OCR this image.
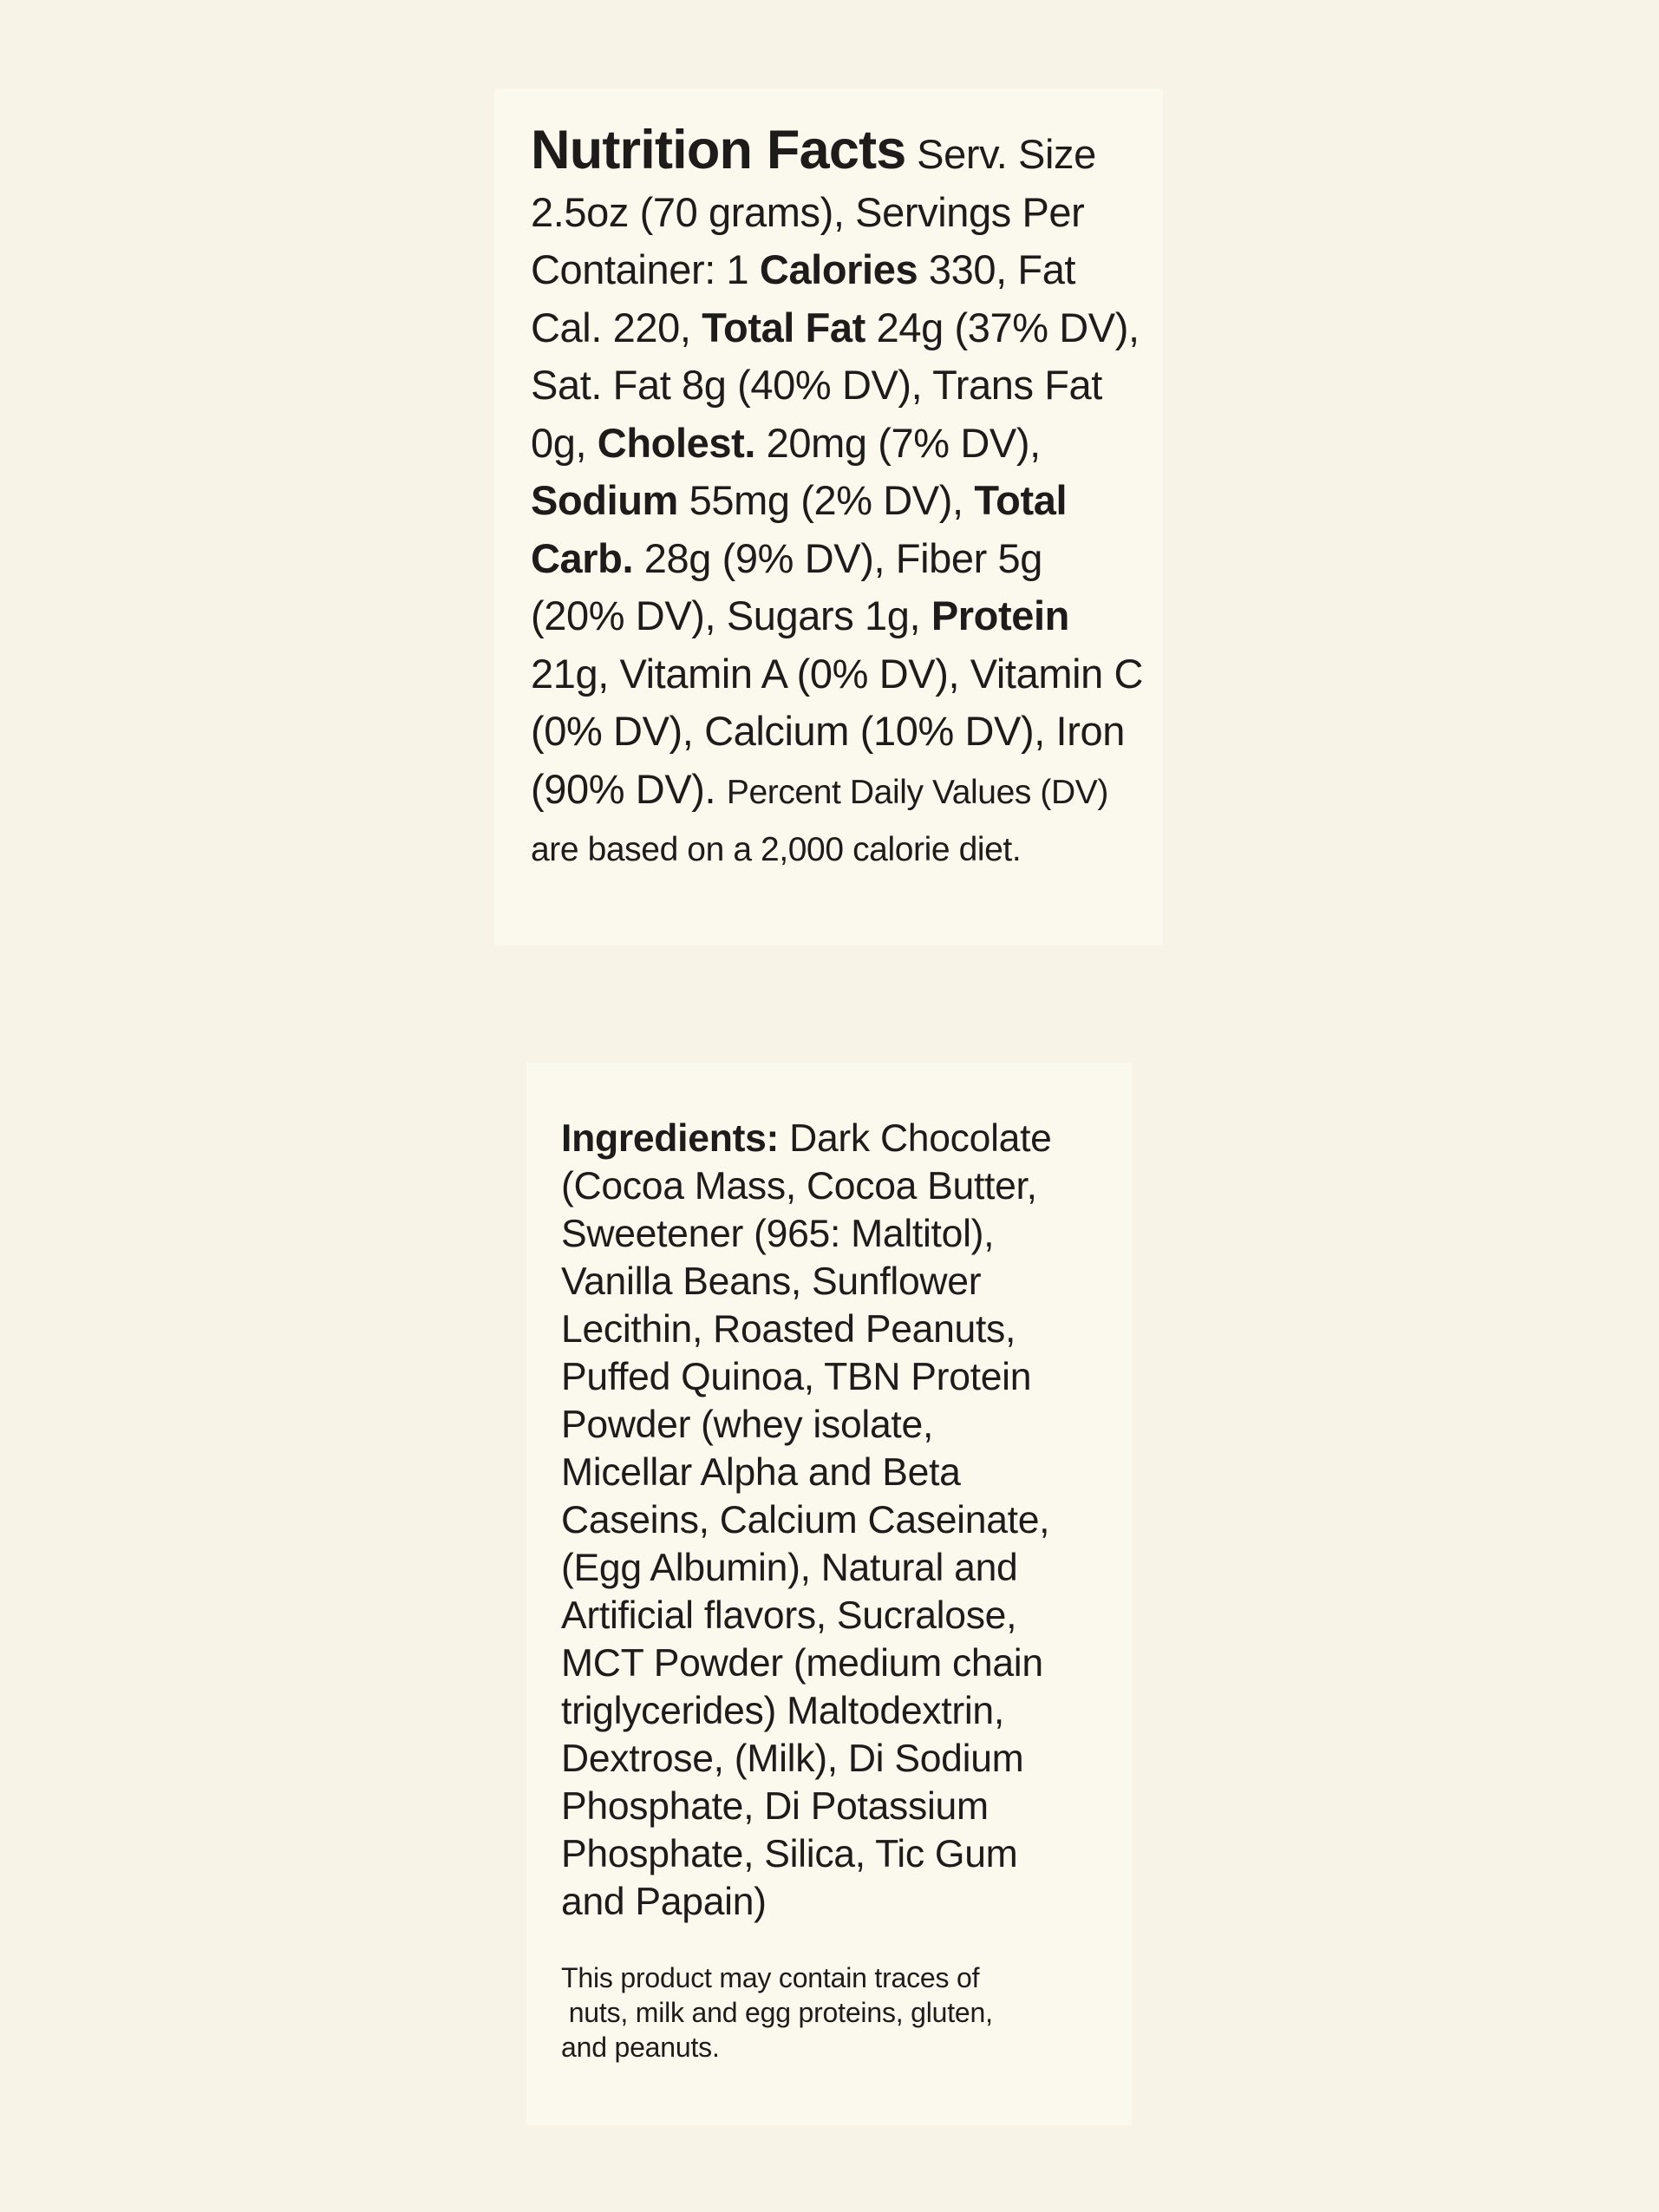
Nutrition Facts Serv. Size 2.5oz (70 grams), Servings Per Container: 1 Calories 330, Fat Cal. 220, Total Fat 24g (37% DV), Sat. Fat 8g (40% DV), Trans Fat 0g, Cholest. 20mg (7% DV), Sodium 55mg (2% DV), Total Carb. 28g (9% DV), Fiber 5g (20% DV), Sugars 1g, Protein 21g, Vitamin A (0% DV), Vitamin C (0% DV), Calcium (10% DV), Iron (90% DV). Percent Daily Values (DV) are based on a 2,000 calorie diet.
Ingredients: Dark Chocolate
(Cocoa Mass, Cocoa Butter,
Sweetener (965: Maltitol),
Vanilla Beans, Sunflower
Lecithin, Roasted Peanuts,
Puffed Quinoa, TBN Protein
Powder (whey isolate,
Micellar Alpha and Beta
Caseins, Calcium Caseinate,
(Egg Albumin), Natural and
Artificial flavors, Sucralose,
MCT Powder (medium chain
triglycerides) Maltodextrin,
Dextrose, (Milk), Di Sodium
Phosphate, Di Potassium
Phosphate, Silica, Tic Gum
and Papain)
This product may contain traces of
nuts, milk and egg proteins, gluten,
and peanuts.
